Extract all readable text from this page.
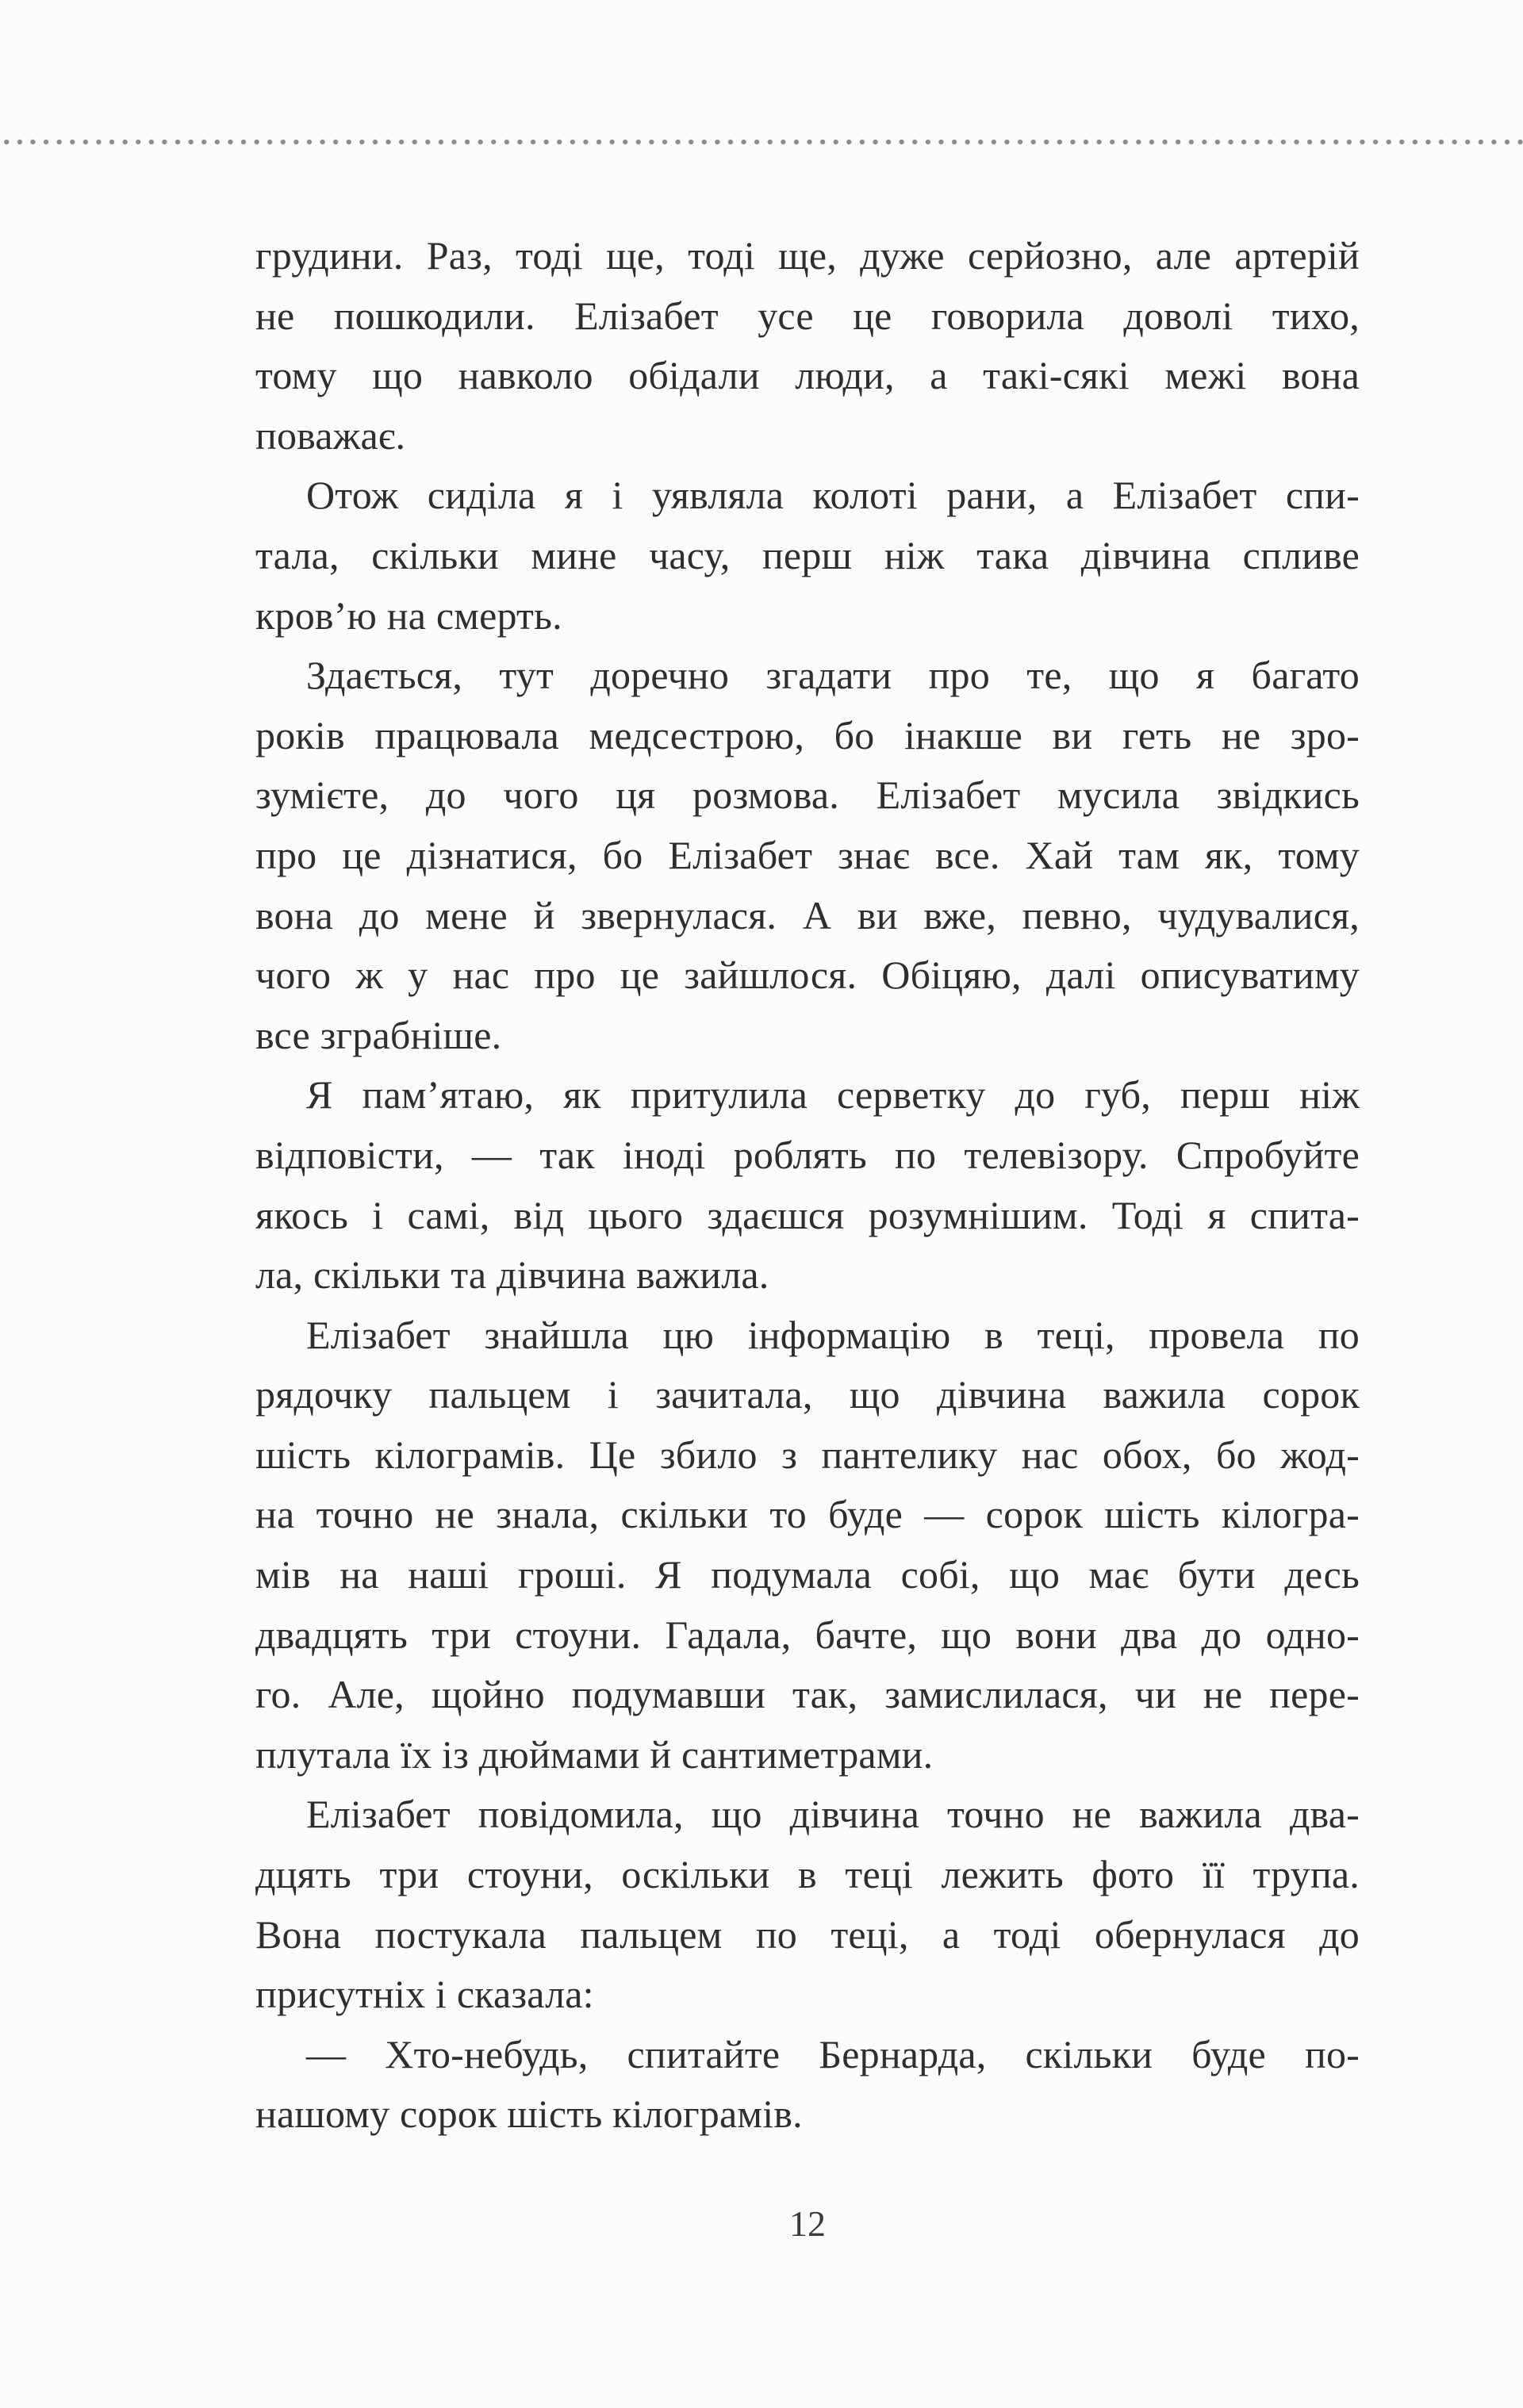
грудини. Раз, тоді ще, тоді ще, дуже серйозно, але артерій
не пошкодили. Елізабет усе це говорила доволі тихо,
тому що навколо обідали люди, а такі-сякі межі вона
поважає.

Отож сиділа я і уявляла колоті рани, а Елізабет спи-
тала, скільки мине часу, перш ніж така дівчина спливе
кров’ю на смерть.

Здається, тут доречно згадати про те, що я багато
років працювала медсестрою, бо інакше ви геть не зро-
зумієте, до чого ця розмова. Елізабет мусила звідкись
про це дізнатися, бо Елізабет знає все. Хай там як, тому
вона до мене й звернулася. А ви вже, певно, чудувалися,
чого ж у нас про це зайшлося. Обіцяю, далі описуватиму
все зграбніше.

Я пам’ятаю, як притулила серветку до губ, перш ніж
відповісти, — так іноді роблять по телевізору. Спробуйте
якось і самі, від цього здаєшся розумнішим. Тоді я спита-
ла, скільки та дівчина важила.

Елізабет знайшла цю інформацію в теці, провела по
рядочку пальцем і зачитала, що дівчина важила сорок
шість кілограмів. Це збило з пантелику нас обох, бо жод-
на точно не знала, скільки то буде — сорок шість кілогра-
мів на наші гроші. Я подумала собі, що має бути десь
двадцять три стоуни. Гадала, бачте, що вони два до одно-
го. Але, щойно подумавши так, замислилася, чи не пере-
плутала їх із дюймами й сантиметрами.

Елізабет повідомила, що дівчина точно не важила два-
дцять три стоуни, оскільки в теці лежить фото її трупа.
Вона постукала пальцем по теці, а тоді обернулася до
присутніх і сказала:

— Хто-небудь, спитайте Бернарда, скільки буде по-
нашому сорок шість кілограмів.

12
